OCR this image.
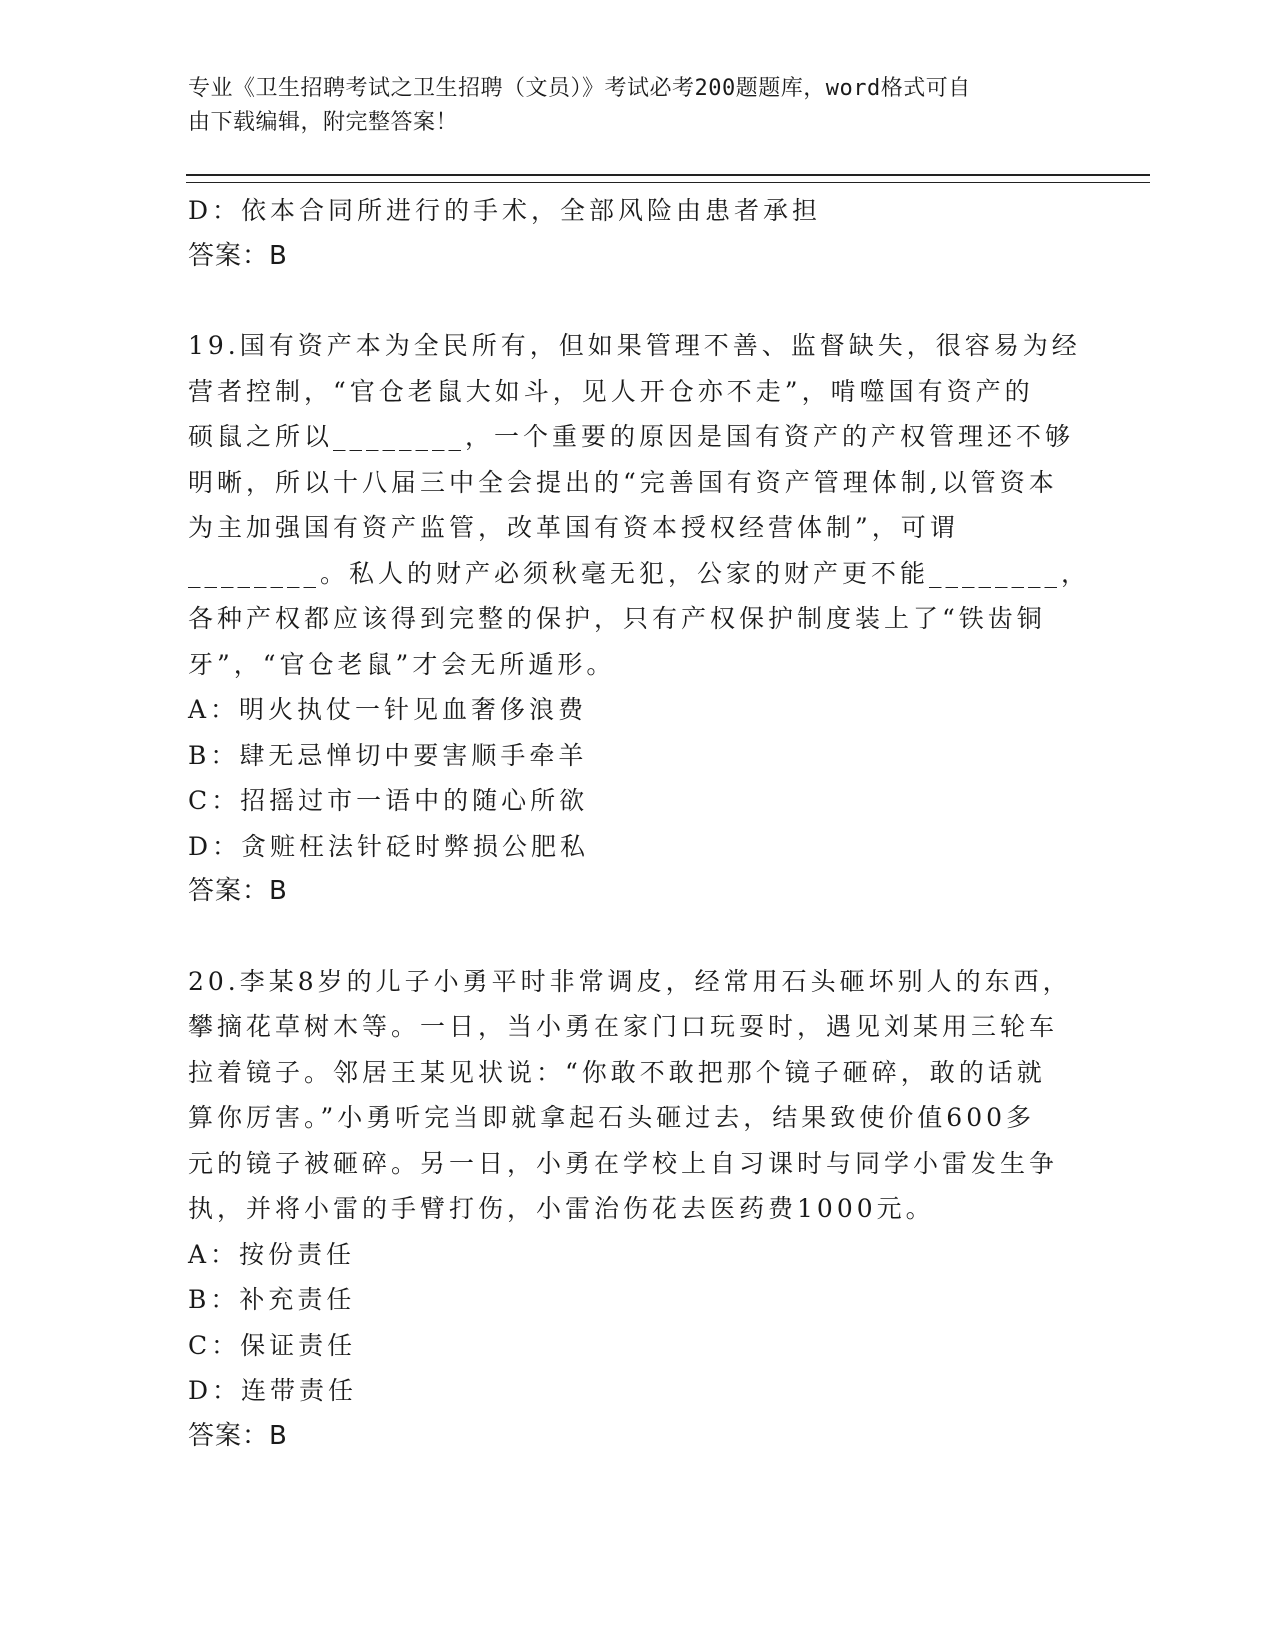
专业《卫生招聘考试之卫生招聘（文员）》考试必考200题题库，word格式可自
由下载编辑，附完整答案！
D：依本合同所进行的手术，全部风险由患者承担
答案：B
19.国有资产本为全民所有，但如果管理不善、监督缺失，很容易为经
营者控制，“官仓老鼠大如斗，见人开仓亦不走”，啃噬国有资产的
硕鼠之所以________，一个重要的原因是国有资产的产权管理还不够
明晰，所以十八届三中全会提出的“完善国有资产管理体制,以管资本
为主加强国有资产监管，改革国有资本授权经营体制”，可谓
________。私人的财产必须秋毫无犯，公家的财产更不能________，
各种产权都应该得到完整的保护，只有产权保护制度装上了“铁齿铜
牙”，“官仓老鼠”才会无所遁形。
A：明火执仗一针见血奢侈浪费
B：肆无忌惮切中要害顺手牵羊
C：招摇过市一语中的随心所欲
D：贪赃枉法针砭时弊损公肥私
答案：B
20.李某8岁的儿子小勇平时非常调皮，经常用石头砸坏别人的东西，
攀摘花草树木等。一日，当小勇在家门口玩耍时，遇见刘某用三轮车
拉着镜子。邻居王某见状说：“你敢不敢把那个镜子砸碎，敢的话就
算你厉害。”小勇听完当即就拿起石头砸过去，结果致使价值600多
元的镜子被砸碎。另一日，小勇在学校上自习课时与同学小雷发生争
执，并将小雷的手臂打伤，小雷治伤花去医药费1000元。
A：按份责任
B：补充责任
C：保证责任
D：连带责任
答案：B
